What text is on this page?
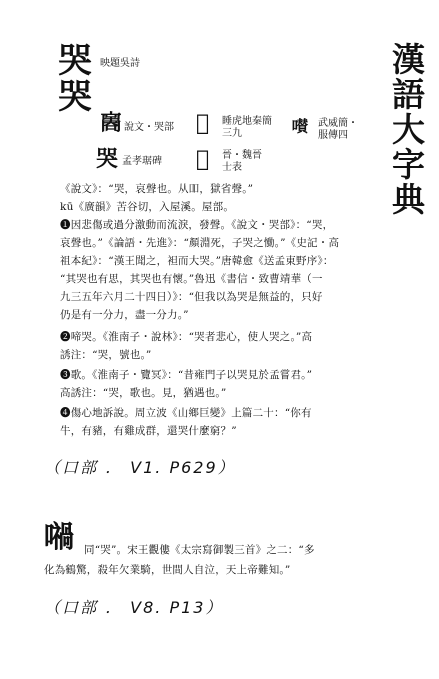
漢語大字典
哭
哭
映題吳詩
𠾃 說文・哭部 𡂀 睡虎地秦簡三九	𡂐 武威簡・服傳四
哭 孟孝琚碑 𡂷 晉・魏晉士表
《說文》：“哭，哀聲也。从吅，獄省聲。”
kū《廣韻》苦谷切，入屋溪。屋部。
❶因悲傷或過分激動而流淚，發聲。《說文・哭部》：“哭，
哀聲也。”《論語・先進》：“顏淵死，子哭之慟。”《史記・高
祖本紀》：“漢王聞之，袒而大哭。”唐韓愈《送孟東野序》：
“其哭也有思，其哭也有懷。”魯迅《書信・致曹靖華（一
九三五年六月二十四日）》：“但我以為哭是無益的，只好
仍是有一分力，盡一分力。”
❷啼哭。《淮南子・說林》：“哭者悲心，使人哭之。”高
誘注：“哭，號也。”
❸歌。《淮南子・覽冥》：“昔雍門子以哭見於孟嘗君。”
高誘注：“哭，歌也。見，猶遇也。”
❹傷心地訴說。周立波《山鄉巨變》上篇二十：“你有
牛，有豬，有雞成群，還哭什麼窮？”
（口部 ． V1. P629）
𡁜 同“哭”。宋王觀僂《太宗寫御製三首》之二：“多
化為鶴驚，殺年欠業騎，世間人自泣，天上帝難知。”
（口部 ． V8. P13）
